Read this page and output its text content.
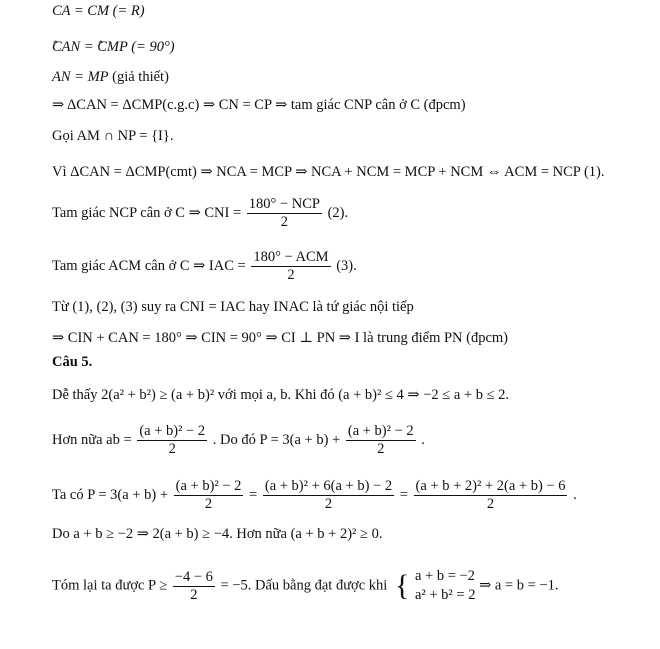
CA = CM (= R)
̂CAN = ̂CMP (= 90°)
AN = MP (giả thiết)
⇒ ΔCAN = ΔCMP(c.g.c) ⇒ CN = CP ⇒ tam giác CNP cân ở C (đpcm)
Gọi AM ∩ NP = {I}.
Vì ΔCAN = ΔCMP(cmt) ⇒ NCA = MCP ⇒ NCA + NCM = MCP + NCM ⇔ ACM = NCP (1).
Tam giác NCP cân ở C ⇒ CNI = $\frac{\text{180° − NCP}}{2} (2)$.
Tam giác ACM cân ở C ⇒ IAC = $\frac{\text{180° − ACM}}{2} (3)$.
Từ (1), (2), (3) suy ra CNI = IAC hay INAC là tứ giác nội tiếp
⇒ CIN + CAN = 180° ⇒ CIN = 90° ⇒ CI ⊥ PN ⇒ I là trung điểm PN (đpcm)
Câu 5.
Dễ thấy 2(a² + b²) ≥ (a + b)² với mọi a, b. Khi đó (a + b)² ≤ 4 ⇒ −2 ≤ a + b ≤ 2.
Hơn nữa ab = $\frac{\text{(a + b)² − 2}}{2}$ . Do đó $P = 3(a + b) + \frac{\text{(a + b)² − 2}}{2}$ .
Ta có $P = 3(a + b) + \frac{\text{(a + b)² − 2}}{2} = \frac{\text{(a + b)² + 6(a + b) − 2}}{2} = \frac{\text{(a + b + 2)² + 2(a + b) − 6}}{2}$ .
Do a + b ≥ −2 ⇒ 2(a + b) ≥ −4. Hơn nữa (a + b + 2)² ≥ 0.
Tóm lại ta được $P \ge \frac{-4 - 6}{2} = -5$. Dấu bằng đạt được khi { a + b = −2
a² + b² = 2
⇒ a = b = −1.
